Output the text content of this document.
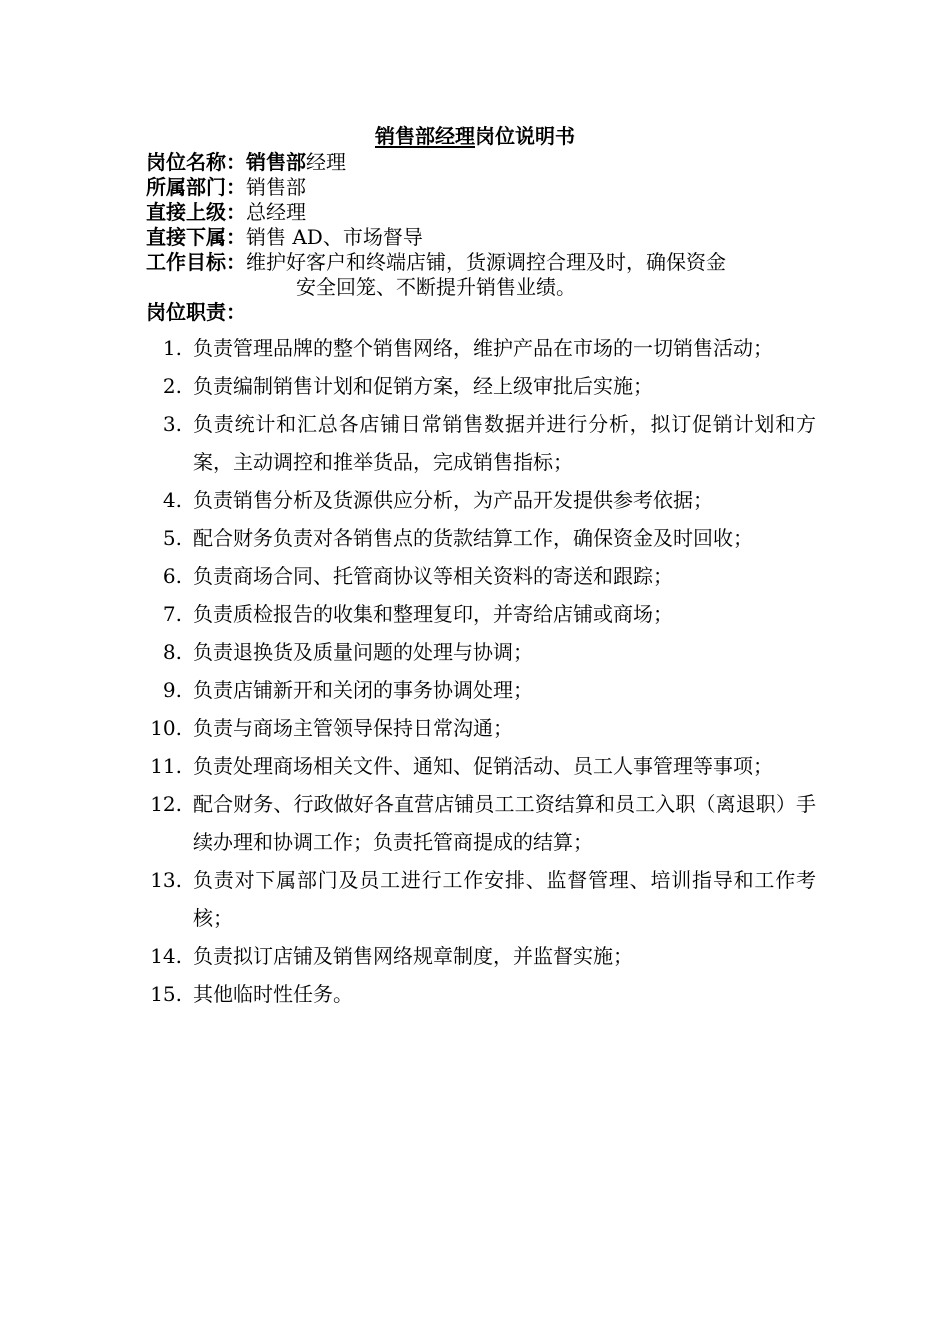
销售部经理岗位说明书
岗位名称：销售部经理
所属部门：销售部
直接上级：总经理
直接下属：销售 AD、市场督导
工作目标：维护好客户和终端店铺，货源调控合理及时，确保资金
安全回笼、不断提升销售业绩。
岗位职责：
1. 负责管理品牌的整个销售网络，维护产品在市场的一切销售活动；
2. 负责编制销售计划和促销方案，经上级审批后实施；
3. 负责统计和汇总各店铺日常销售数据并进行分析，拟订促销计划和方案，主动调控和推举货品，完成销售指标；
4. 负责销售分析及货源供应分析，为产品开发提供参考依据；
5. 配合财务负责对各销售点的货款结算工作，确保资金及时回收；
6. 负责商场合同、托管商协议等相关资料的寄送和跟踪；
7. 负责质检报告的收集和整理复印，并寄给店铺或商场；
8. 负责退换货及质量问题的处理与协调；
9. 负责店铺新开和关闭的事务协调处理；
10. 负责与商场主管领导保持日常沟通；
11. 负责处理商场相关文件、通知、促销活动、员工人事管理等事项；
12. 配合财务、行政做好各直营店铺员工工资结算和员工入职（离退职）手续办理和协调工作；负责托管商提成的结算；
13. 负责对下属部门及员工进行工作安排、监督管理、培训指导和工作考核；
14. 负责拟订店铺及销售网络规章制度，并监督实施；
15. 其他临时性任务。
